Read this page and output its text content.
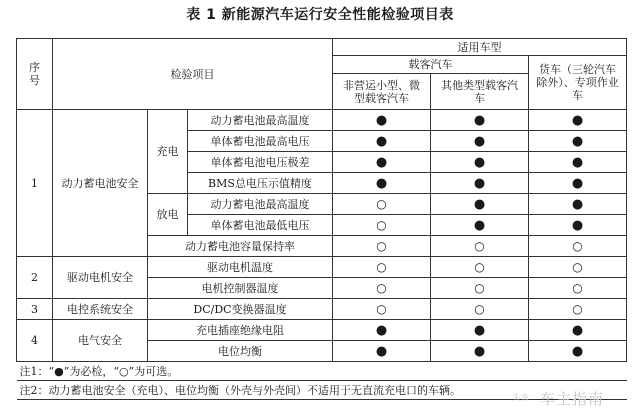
表 1 新能源汽车运行安全性能检验项目表
序号	检验项目			适用车型		
				载客汽车		货车（三轮汽车除外）、专项作业车
				非营运小型、微型载客汽车	其他类型载客汽车	
1	动力蓄电池安全	充电	动力蓄电池最高温度	●	●	●
			单体蓄电池最高电压	●	●	●
			单体蓄电池电压极差	●	●	●
			BMS总电压示值精度	●	●	●
		放电	动力蓄电池最高温度	○	●	●
			单体蓄电池最低电压	○	●	●
		动力蓄电池容量保持率		○	○	○
2	驱动电机安全	驱动电机温度		○	○	○
		电机控制器温度		○	○	○
3	电控系统安全	DC/DC变换器温度		○	○	○
4	电气安全	充电插座绝缘电阻		●	●	●
		电位均衡		●	●	●
注1：“●”为必检，“○”为可选。						
注2：动力蓄电池安全（充电）、电位均衡（外壳与外壳间）不适用于无直流充电口的车辆。						
头条 车主指南
